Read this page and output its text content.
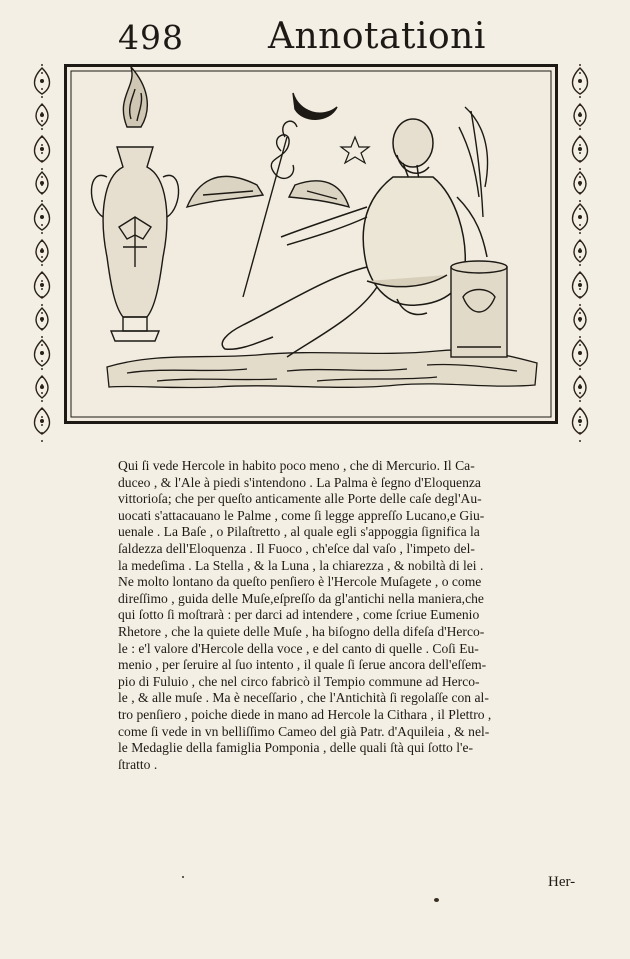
498 Annotationi
Qui ſi vede Hercole in habito poco meno , che di Mercurio. Il Ca-
duceo , & l'Ale à piedi s'intendono . La Palma è ſegno d'Eloquenza
vittorioſa; che per queſto anticamente alle Porte delle caſe degl'Au-
uocati s'attacauano le Palme , come ſi legge appreſſo Lucano,e Giu-
uenale . La Baſe , o Pilaſtretto , al quale egli s'appoggia ſignifica la
ſaldezza dell'Eloquenza . Il Fuoco , ch'eſce dal vaſo , l'impeto del-
la medeſima . La Stella , & la Luna , la chiarezza , & nobiltà di lei .
Ne molto lontano da queſto penſiero è l'Hercole Muſagete , o come
direſſimo , guida delle Muſe,eſpreſſo da gl'antichi nella maniera,che
qui ſotto ſi moſtrarà : per darci ad intendere , come ſcriue Eumenio
Rhetore , che la quiete delle Muſe , ha biſogno della difeſa d'Herco-
le : e'l valore d'Hercole della voce , e del canto di quelle . Coſi Eu-
menio , per ſeruire al ſuo intento , il quale ſi ſerue ancora dell'eſſem-
pio di Fuluio , che nel circo fabricò il Tempio commune ad Herco-
le , & alle muſe . Ma è neceſſario , che l'Antichità ſi regolaſſe con al-
tro penſiero , poiche diede in mano ad Hercole la Cithara , il Plettro ,
come ſi vede in vn belliſſimo Cameo del già Patr. d'Aquileia , & nel-
le Medaglie della famiglia Pomponia , delle quali ſtà qui ſotto l'e-
ſtratto .
Her-
